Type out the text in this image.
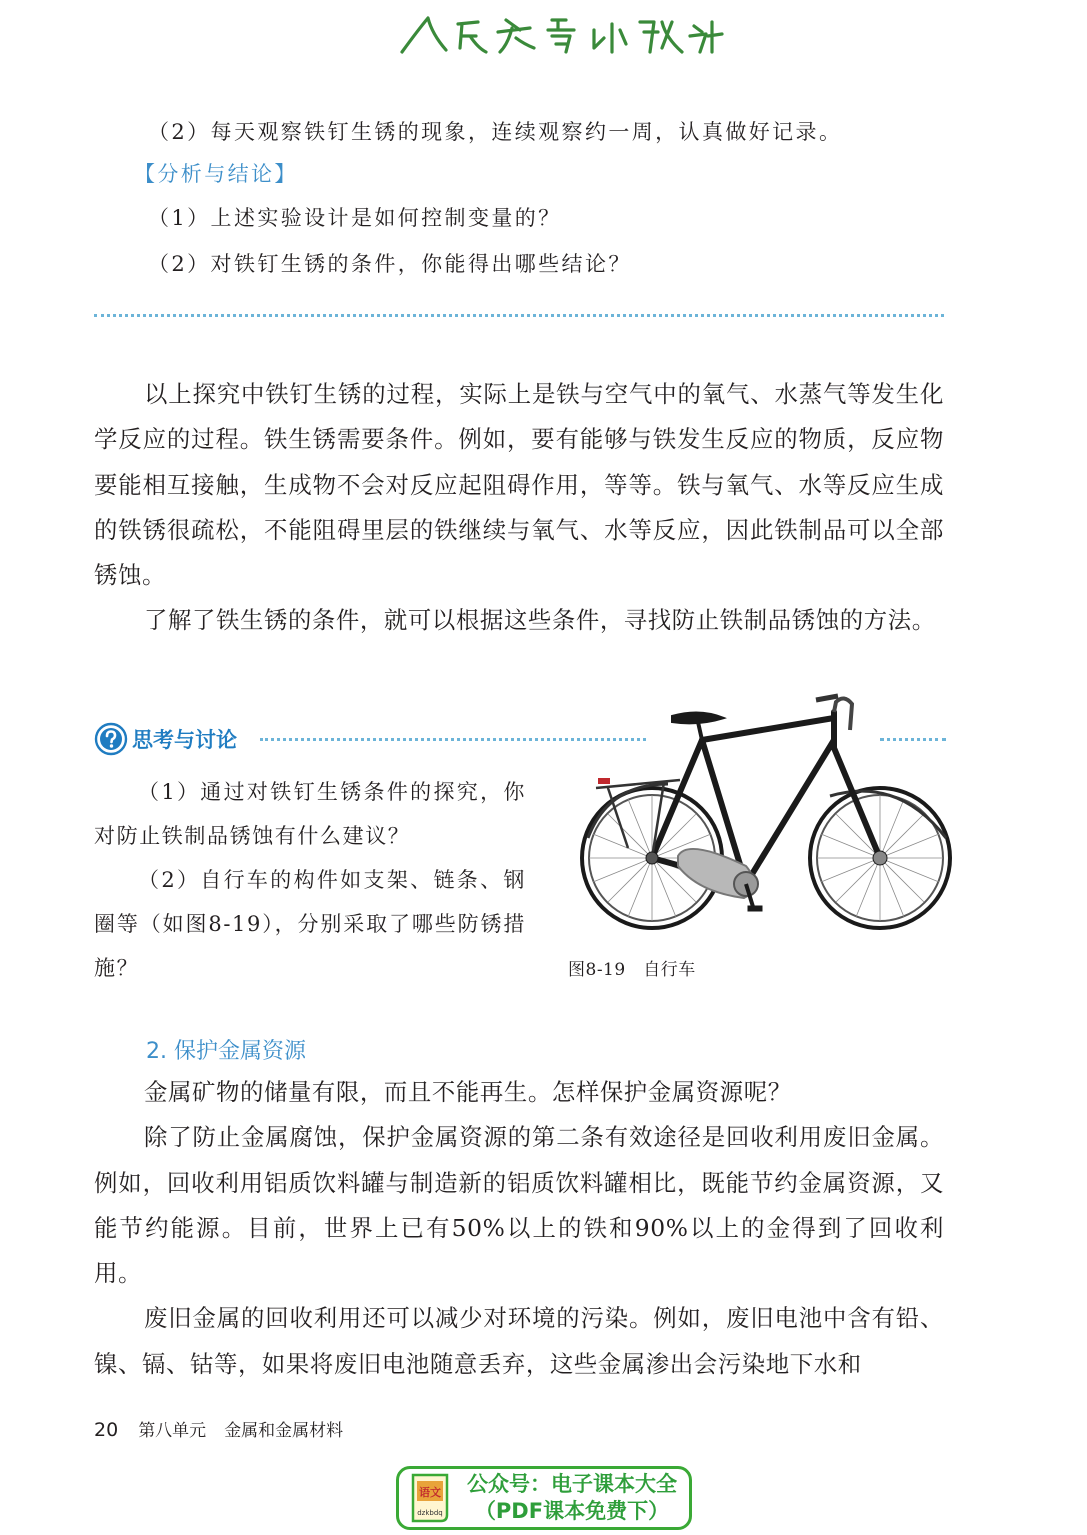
（2）每天观察铁钉生锈的现象，连续观察约一周，认真做好记录。
【分析与结论】
（1）上述实验设计是如何控制变量的？
（2）对铁钉生锈的条件，你能得出哪些结论？

以上探究中铁钉生锈的过程，实际上是铁与空气中的氧气、水蒸气等发生化学反应的过程。铁生锈需要条件。例如，要有能够与铁发生反应的物质，反应物要能相互接触，生成物不会对反应起阻碍作用，等等。铁与氧气、水等反应生成的铁锈很疏松，不能阻碍里层的铁继续与氧气、水等反应，因此铁制品可以全部锈蚀。

了解了铁生锈的条件，就可以根据这些条件，寻找防止铁制品锈蚀的方法。

思考与讨论

（1）通过对铁钉生锈条件的探究，你对防止铁制品锈蚀有什么建议？

（2）自行车的构件如支架、链条、钢圈等（如图8-19），分别采取了哪些防锈措施？	图8-19　自行车
2. 保护金属资源

金属矿物的储量有限，而且不能再生。怎样保护金属资源呢？

除了防止金属腐蚀，保护金属资源的第二条有效途径是回收利用废旧金属。例如，回收利用铝质饮料罐与制造新的铝质饮料罐相比，既能节约金属资源，又能节约能源。目前，世界上已有50%以上的铁和90%以上的金得到了回收利用。

废旧金属的回收利用还可以减少对环境的污染。例如，废旧电池中含有铅、镍、镉、钴等，如果将废旧电池随意丢弃，这些金属渗出会污染地下水和

20 第八单元 金属和金属材料
语文
dzkbdq
公众号：电子课本大全
（PDF课本免费下）
